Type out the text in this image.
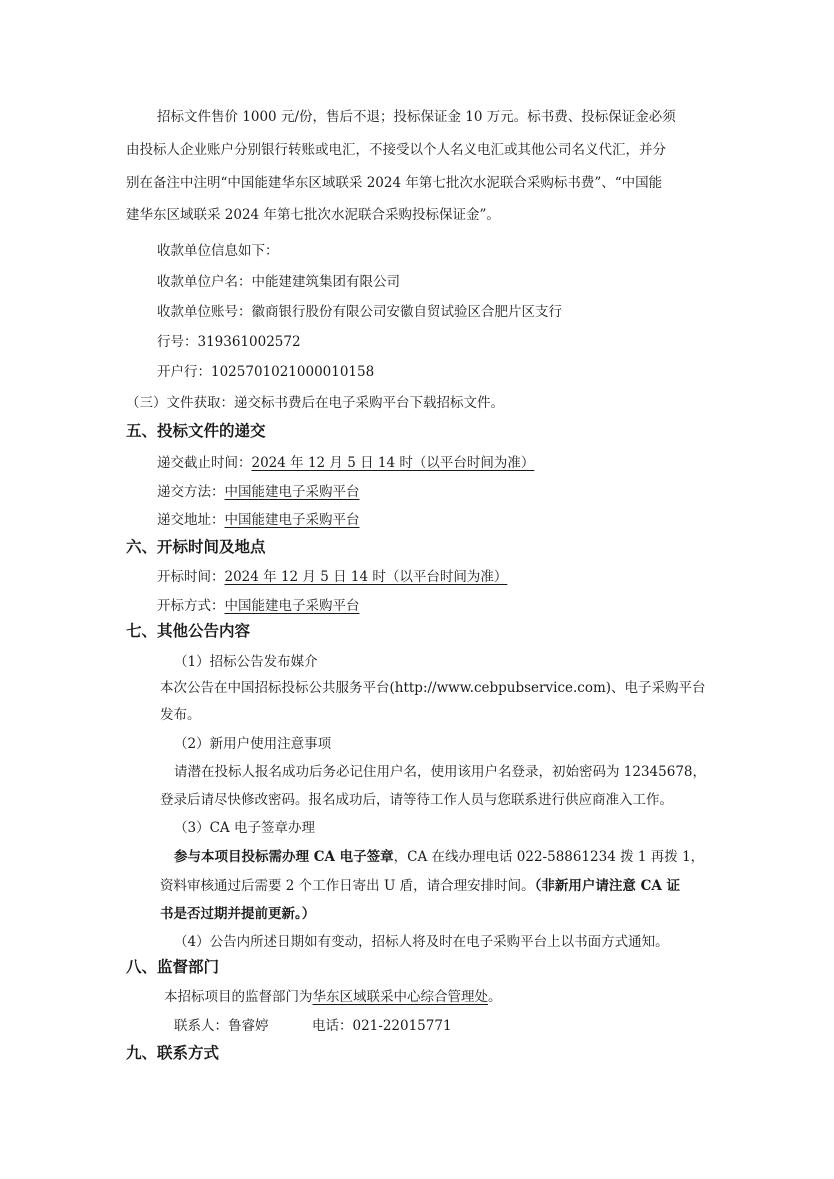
招标文件售价 1000 元/份，售后不退；投标保证金 10 万元。标书费、投标保证金必须
由投标人企业账户分别银行转账或电汇，不接受以个人名义电汇或其他公司名义代汇，并分
别在备注中注明“中国能建华东区域联采 2024 年第七批次水泥联合采购标书费”、“中国能
建华东区域联采 2024 年第七批次水泥联合采购投标保证金”。
收款单位信息如下：
收款单位户名：中能建建筑集团有限公司
收款单位账号：徽商银行股份有限公司安徽自贸试验区合肥片区支行
行号：319361002572
开户行：1025701021000010158
（三）文件获取：递交标书费后在电子采购平台下载招标文件。
五、投标文件的递交
递交截止时间：2024 年 12 月 5 日 14 时（以平台时间为准）
递交方法：中国能建电子采购平台
递交地址：中国能建电子采购平台
六、开标时间及地点
开标时间：2024 年 12 月 5 日 14 时（以平台时间为准）
开标方式：中国能建电子采购平台
七、其他公告内容
（1）招标公告发布媒介
本次公告在中国招标投标公共服务平台(http://www.cebpubservice.com)、电子采购平台
发布。
（2）新用户使用注意事项
请潜在投标人报名成功后务必记住用户名，使用该用户名登录，初始密码为 12345678，
登录后请尽快修改密码。报名成功后，请等待工作人员与您联系进行供应商准入工作。
（3）CA 电子签章办理
参与本项目投标需办理 CA 电子签章，CA 在线办理电话 022-58861234 拨 1 再拨 1，
资料审核通过后需要 2 个工作日寄出 U 盾，请合理安排时间。（非新用户请注意 CA 证
书是否过期并提前更新。）
（4）公告内所述日期如有变动，招标人将及时在电子采购平台上以书面方式通知。
八、监督部门
本招标项目的监督部门为华东区域联采中心综合管理处。
联系人：鲁睿婷	电话：021-22015771
九、联系方式
